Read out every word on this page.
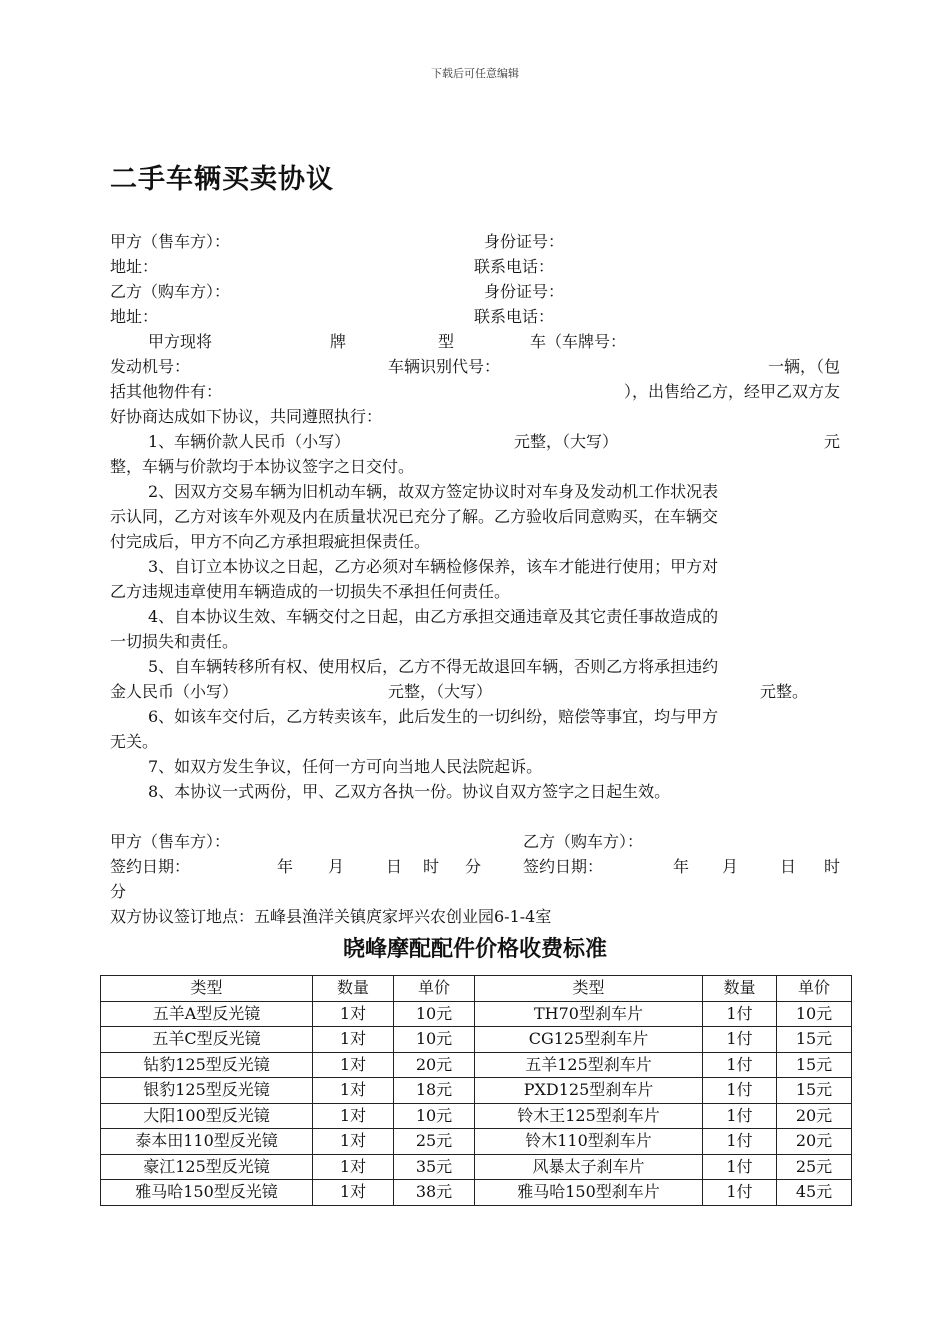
下载后可任意编辑
二手车辆买卖协议
甲方（售车方）：	身份证号：
地址：	联系电话：
乙方（购车方）：	身份证号：
地址：	联系电话：
甲方现将	牌	型	车（车牌号：
发动机号：	车辆识别代号：	一辆，（包
括其他物件有：	），出售给乙方，经甲乙双方友
好协商达成如下协议，共同遵照执行：
1、车辆价款人民币（小写）	元整，（大写）	元
整，车辆与价款均于本协议签字之日交付。
2、因双方交易车辆为旧机动车辆，故双方签定协议时对车身及发动机工作状况表
示认同，乙方对该车外观及内在质量状况已充分了解。乙方验收后同意购买，在车辆交
付完成后，甲方不向乙方承担瑕疵担保责任。
3、自订立本协议之日起，乙方必须对车辆检修保养，该车才能进行使用；甲方对
乙方违规违章使用车辆造成的一切损失不承担任何责任。
4、自本协议生效、车辆交付之日起，由乙方承担交通违章及其它责任事故造成的
一切损失和责任。
5、自车辆转移所有权、使用权后，乙方不得无故退回车辆，否则乙方将承担违约
金人民币（小写）	元整，（大写）	元整。
6、如该车交付后，乙方转卖该车，此后发生的一切纠纷，赔偿等事宜，均与甲方
无关。
7、如双方发生争议，任何一方可向当地人民法院起诉。
8、本协议一式两份，甲、乙双方各执一份。协议自双方签字之日起生效。
甲方（售车方）：	乙方（购车方）：
签约日期：	年 月	日 时 分	签约日期：	年 月	日 时
分
双方协议签订地点：五峰县渔洋关镇庹家坪兴农创业园6-1-4室
晓峰摩配配件价格收费标准
类型	数量	单价	类型	数量	单价
五羊A型反光镜	1对	10元	TH70型刹车片	1付	10元
五羊C型反光镜	1对	10元	CG125型刹车片	1付	15元
钻豹125型反光镜	1对	20元	五羊125型刹车片	1付	15元
银豹125型反光镜	1对	18元	PXD125型刹车片	1付	15元
大阳100型反光镜	1对	10元	铃木王125型刹车片	1付	20元
泰本田110型反光镜	1对	25元	铃木110型刹车片	1付	20元
豪江125型反光镜	1对	35元	风暴太子刹车片	1付	25元
雅马哈150型反光镜	1对	38元	雅马哈150型刹车片	1付	45元
